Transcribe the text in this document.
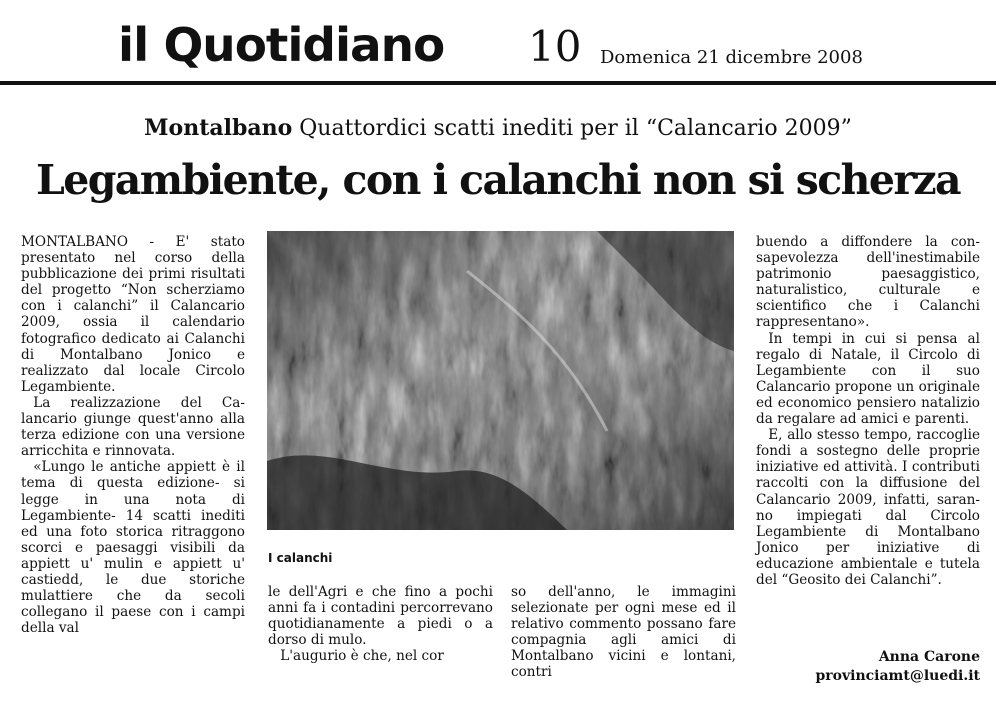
il Quotidiano 10 Domenica 21 dicembre 2008
Montalbano Quattordici scatti inediti per il “Calancario 2009”
Legambiente, con i calanchi non si scherza

MONTALBANO - E' stato presentato nel corso della pubblicazione dei primi risultati del progetto “Non scherziamo con i calanchi” il Calancario 2009, ossia il calendario fotografico dedicato ai Calanchi di Montalbano Jonico e realizzato dal locale Circolo Legambiente.

La realizzazione del Calancario giunge quest'anno alla terza edizione con una versione arricchita e rinnovata.

«Lungo le antiche appiett è il tema di questa edizione- si legge in una nota di Legambiente- 14 scatti inediti ed una foto storica ritraggono scorci e paesaggi visibili da appiett u' mulin e appiett u' castiedd, le due storiche mulattiere che da secoli collegano il paese con i campi della val

I calanchi

le dell'Agri e che fino a pochi anni fa i contadini percorrevano quotidianamente a piedi o a dorso di mulo.

L'augurio è che, nel cor

so dell'anno, le immagini selezionate per ogni mese ed il relativo commento possano fare compagnia agli amici di Montalbano vicini e lontani, contri

buendo a diffondere la consapevolezza dell'inestimabile patrimonio paesaggistico, naturalistico, culturale e scientifico che i Calanchi rappresentano».

In tempi in cui si pensa al regalo di Natale, il Circolo di Legambiente con il suo Calancario propone un originale ed economico pensiero natalizio da regalare ad amici e parenti.

E, allo stesso tempo, raccoglie fondi a sostegno delle proprie iniziative ed attività. I contributi raccolti con la diffusione del Calancario 2009, infatti, saranno impiegati dal Circolo Legambiente di Montalbano Jonico per iniziative di educazione ambientale e tutela del “Geosito dei Calanchi”.

Anna Carone
provinciamt@luedi.it
